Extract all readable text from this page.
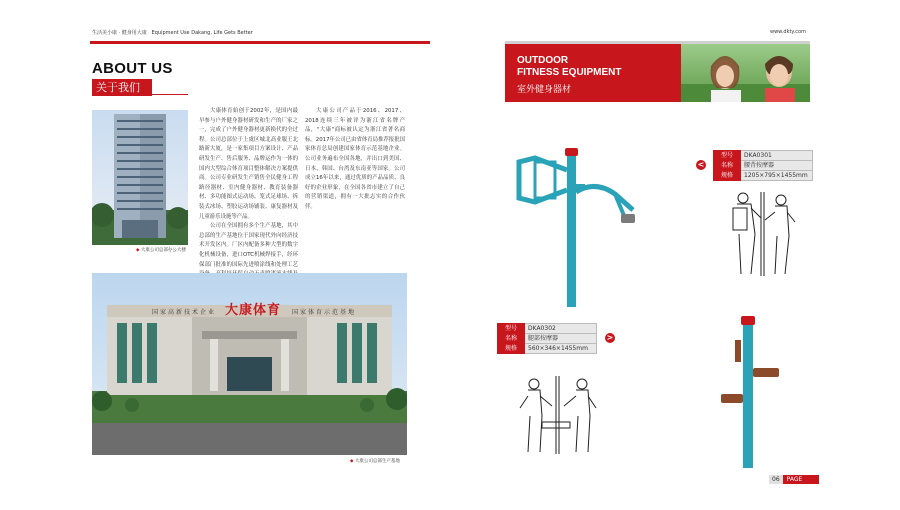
生活美小康 · 健身用大康 Equipment Use Dakang, Life Gets Better
ABOUT US
关于我们
◆ 大康公司总部办公大楼

大康体育始创于2002年，是国内最早参与户外健身器材研发和生产的厂家之一，完成了户外健身器材更新换代的全过程。公司总部位于上虞区城北高业服王北路新大厦，是一家集项目方案设计、产品研发生产、售后服务、品牌运作为一体的国内大型综合体育项目整体解决方案提供商。公司专业研发生产销售全民健身工程路径器材、室内健身器材、教育装备器材、多功能图式运动场、笼式足球场、拆装式冰场、塑胶运动场铺装、康复器材及儿童游乐设施等产品。

公司在全国拥有多个生产基地，其中总部的生产基地位于国家现代外向经济技术开发区内。厂区内配备多种大型的数字化机械设备，进口OTC机械焊接手，经环保部门批准的国际先进喷涂线和处理工艺

大康公司产品于2016、2017、2018连续三年被评为浙江省名牌产品，"大康"商标被认定为浙江省著名商标。2017年公司已由省体育局推荐报批国家体育总局创建国家体育示范基地企业。公司业务遍布全国各地，并出口到美国、日本、韩国、台湾及东南亚等国家。公司成立16年以来，通过优质的产品品质、良好的企业形象，在全国各省市建立了自己的营销渠道，拥有一大批志实的合作伙伴。

国家高新技术企业 大康体育 国家体育示范基地
◆ 大康公司总部生产基地
www.dkty.com
OUTDOOR
FITNESS EQUIPMENT
室外健身器材
型号	DKA0301
名称	腰背按摩器
规格	1205×795×1455mm
<
型号	DKA0302
名称	腿部按摩器
规格	560×346×1455mm
>
06 PAGE
